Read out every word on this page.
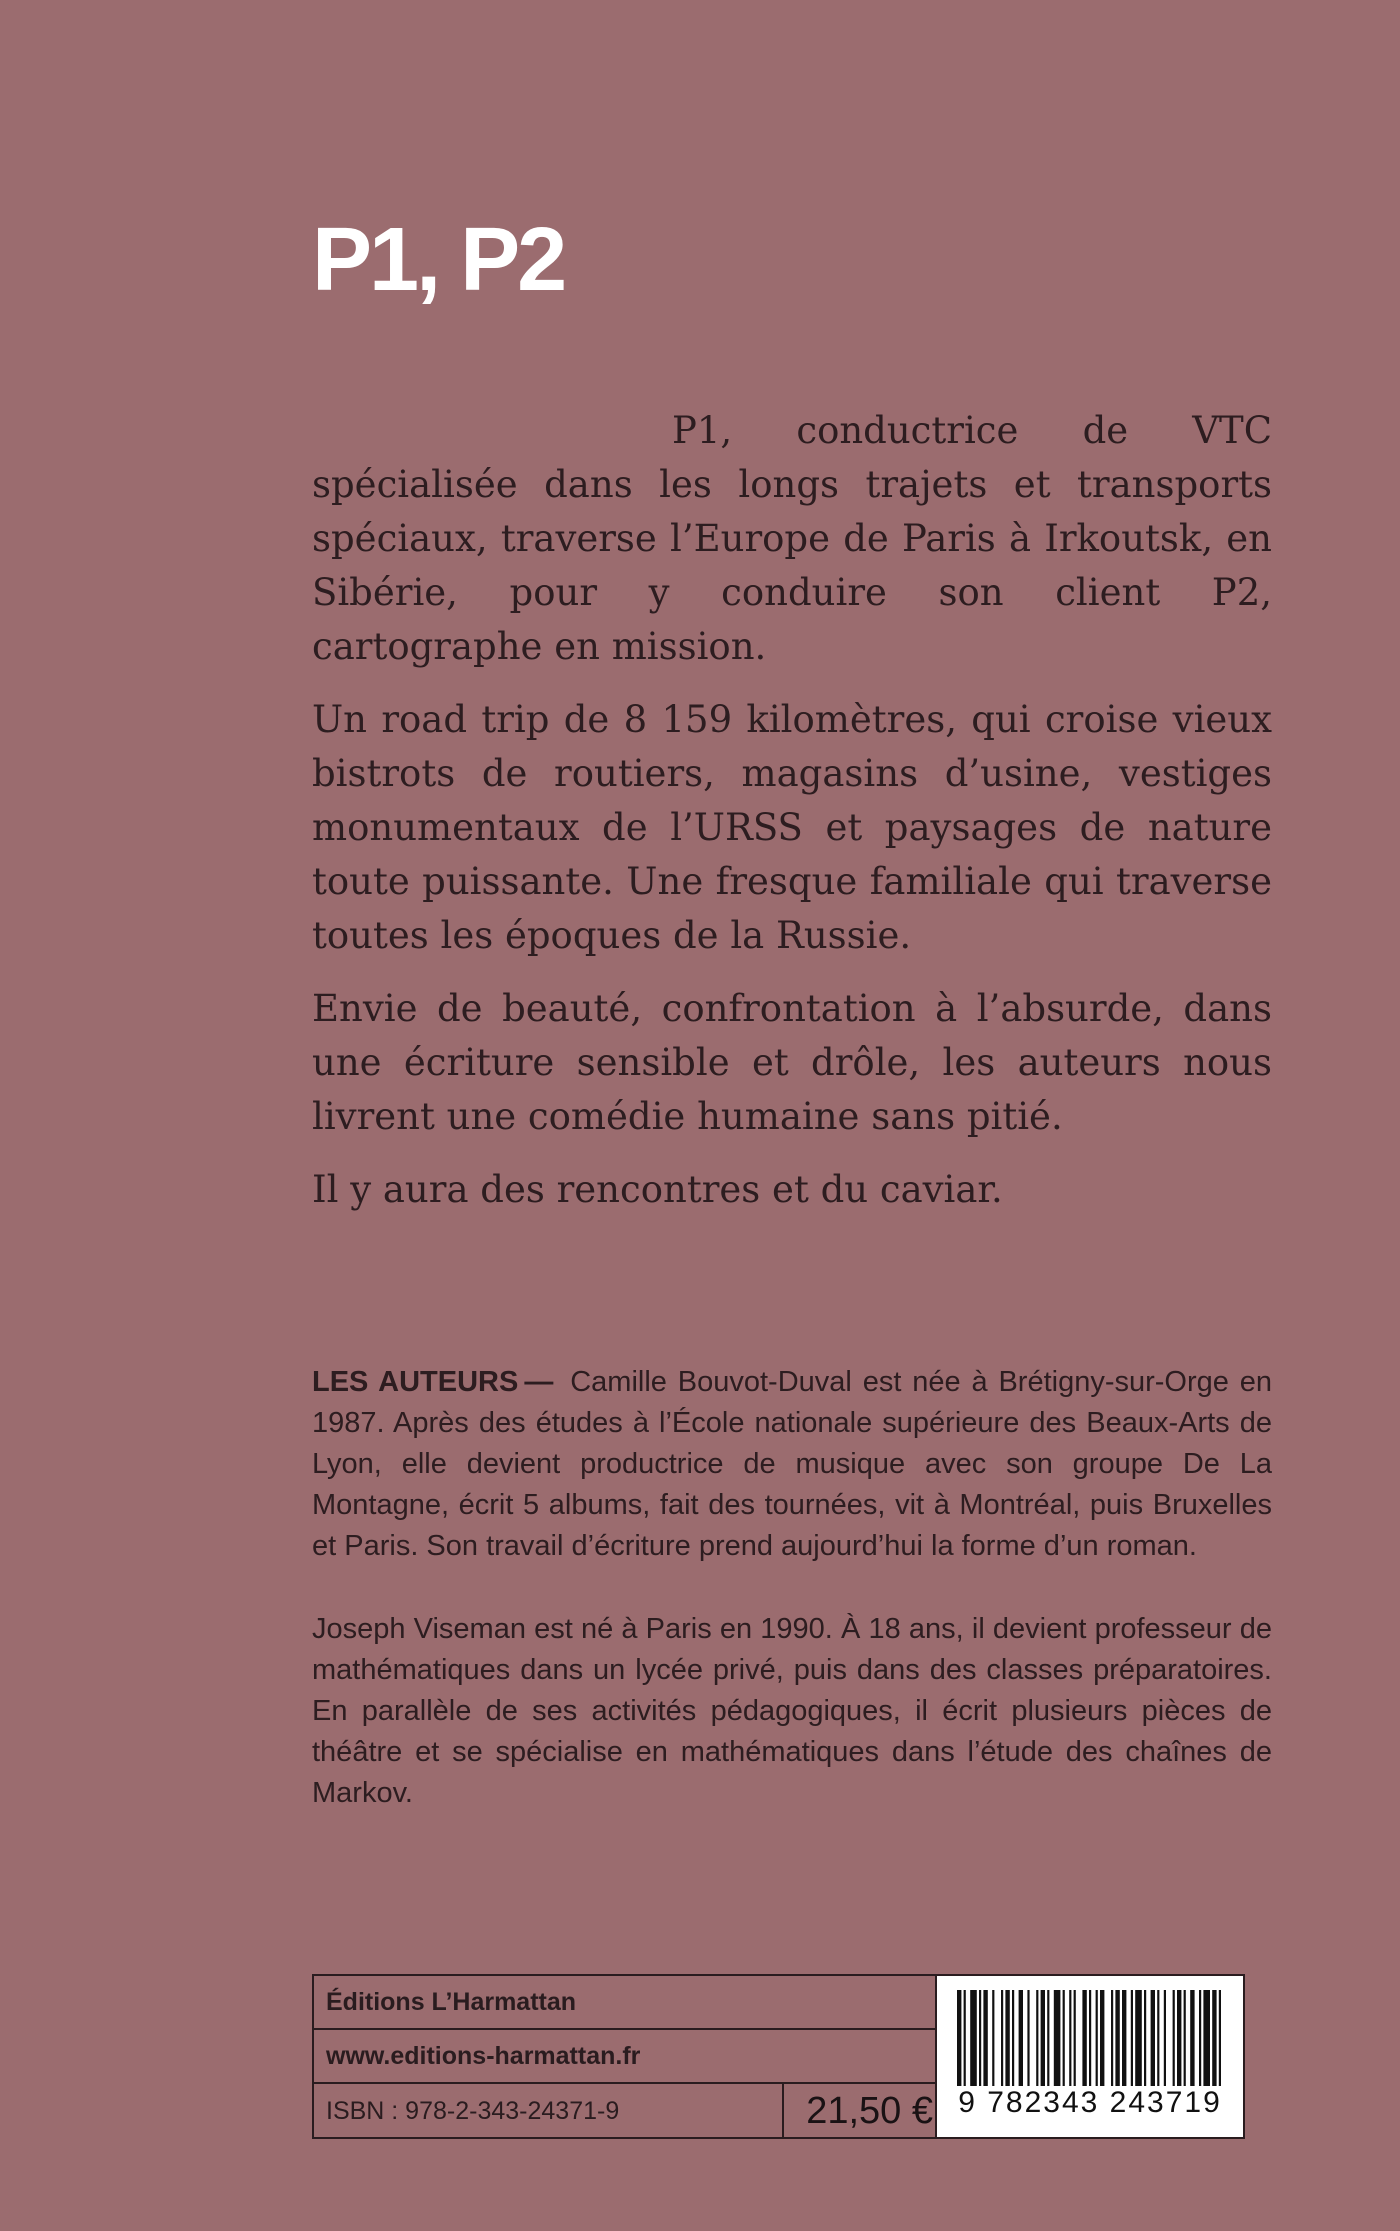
P1, P2

P1, conductrice de VTC spécialisée dans les longs trajets et transports spéciaux, traverse l’Europe de Paris à Irkoutsk, en Sibérie, pour y conduire son client P2, cartographe en mission.

Un road trip de 8 159 kilomètres, qui croise vieux bistrots de routiers, magasins d’usine, vestiges monumentaux de l’URSS et paysages de nature toute puissante. Une fresque familiale qui traverse toutes les époques de la Russie.

Envie de beauté, confrontation à l’absurde, dans une écriture sensible et drôle, les auteurs nous livrent une comédie humaine sans pitié.

Il y aura des rencontres et du caviar.

LES AUTEURS — Camille Bouvot-Duval est née à Brétigny-sur-Orge en 1987. Après des études à l’École nationale supérieure des Beaux-Arts de Lyon, elle devient productrice de musique avec son groupe De La Montagne, écrit 5 albums, fait des tournées, vit à Montréal, puis Bruxelles et Paris. Son travail d’écriture prend aujourd’hui la forme d’un roman.

Joseph Viseman est né à Paris en 1990. À 18 ans, il devient professeur de mathématiques dans un lycée privé, puis dans des classes préparatoires. En parallèle de ses activités pédagogiques, il écrit plusieurs pièces de théâtre et se spécialise en mathématiques dans l’étude des chaînes de Markov.

Éditions L’Harmattan
www.editions-harmattan.fr
ISBN : 978-2-343-24371-9	21,50 € 9 782343 243719
